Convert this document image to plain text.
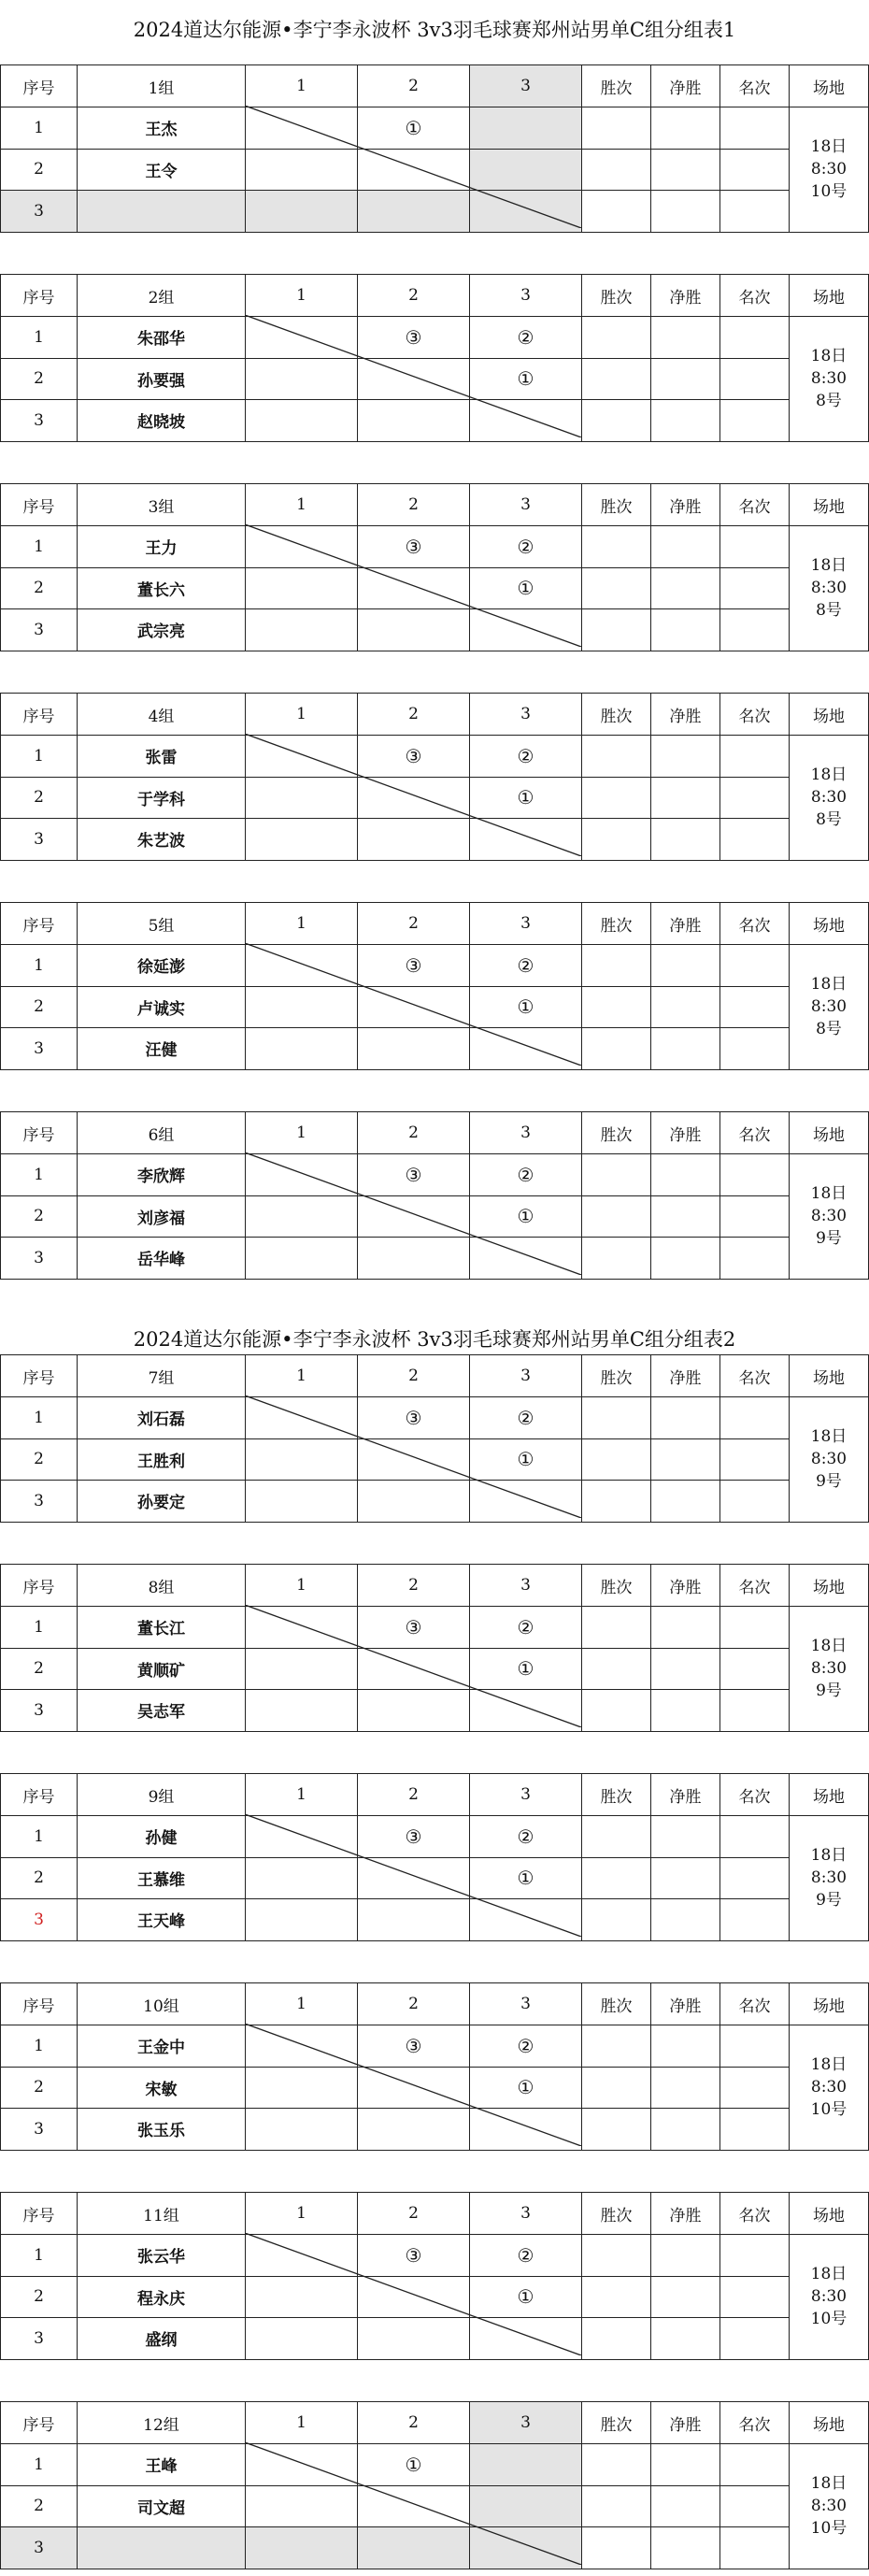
2024道达尔能源•李宁李永波杯 3v3羽毛球赛郑州站男单C组分组表1
2024道达尔能源•李宁李永波杯 3v3羽毛球赛郑州站男单C组分组表2
序号	1组	1	2	3	胜次	净胜	名次	场地
1	王杰		①					18日
8:30
10号

2	王令							
3								
序号	2组	1	2	3	胜次	净胜	名次	场地
1	朱邵华		③	②				18日
8:30
8号

2	孙要强			①				
3	赵晓坡							
序号	3组	1	2	3	胜次	净胜	名次	场地
1	王力		③	②				18日
8:30
8号

2	董长六			①				
3	武宗亮							
序号	4组	1	2	3	胜次	净胜	名次	场地
1	张雷		③	②				18日
8:30
8号

2	于学科			①				
3	朱艺波							
序号	5组	1	2	3	胜次	净胜	名次	场地
1	徐延澎		③	②				18日
8:30
8号

2	卢诚实			①				
3	汪健							
序号	6组	1	2	3	胜次	净胜	名次	场地
1	李欣辉		③	②				18日
8:30
9号

2	刘彦福			①				
3	岳华峰							
序号	7组	1	2	3	胜次	净胜	名次	场地
1	刘石磊		③	②				18日
8:30
9号

2	王胜利			①				
3	孙要定							
序号	8组	1	2	3	胜次	净胜	名次	场地
1	董长江		③	②				18日
8:30
9号

2	黄顺矿			①				
3	吴志军							
序号	9组	1	2	3	胜次	净胜	名次	场地
1	孙健		③	②				18日
8:30
9号

2	王慕维			①				
3	王天峰							
序号	10组	1	2	3	胜次	净胜	名次	场地
1	王金中		③	②				18日
8:30
10号

2	宋敏			①				
3	张玉乐							
序号	11组	1	2	3	胜次	净胜	名次	场地
1	张云华		③	②				18日
8:30
10号

2	程永庆			①				
3	盛纲							
序号	12组	1	2	3	胜次	净胜	名次	场地
1	王峰		①					18日
8:30
10号

2	司文超							
3								
